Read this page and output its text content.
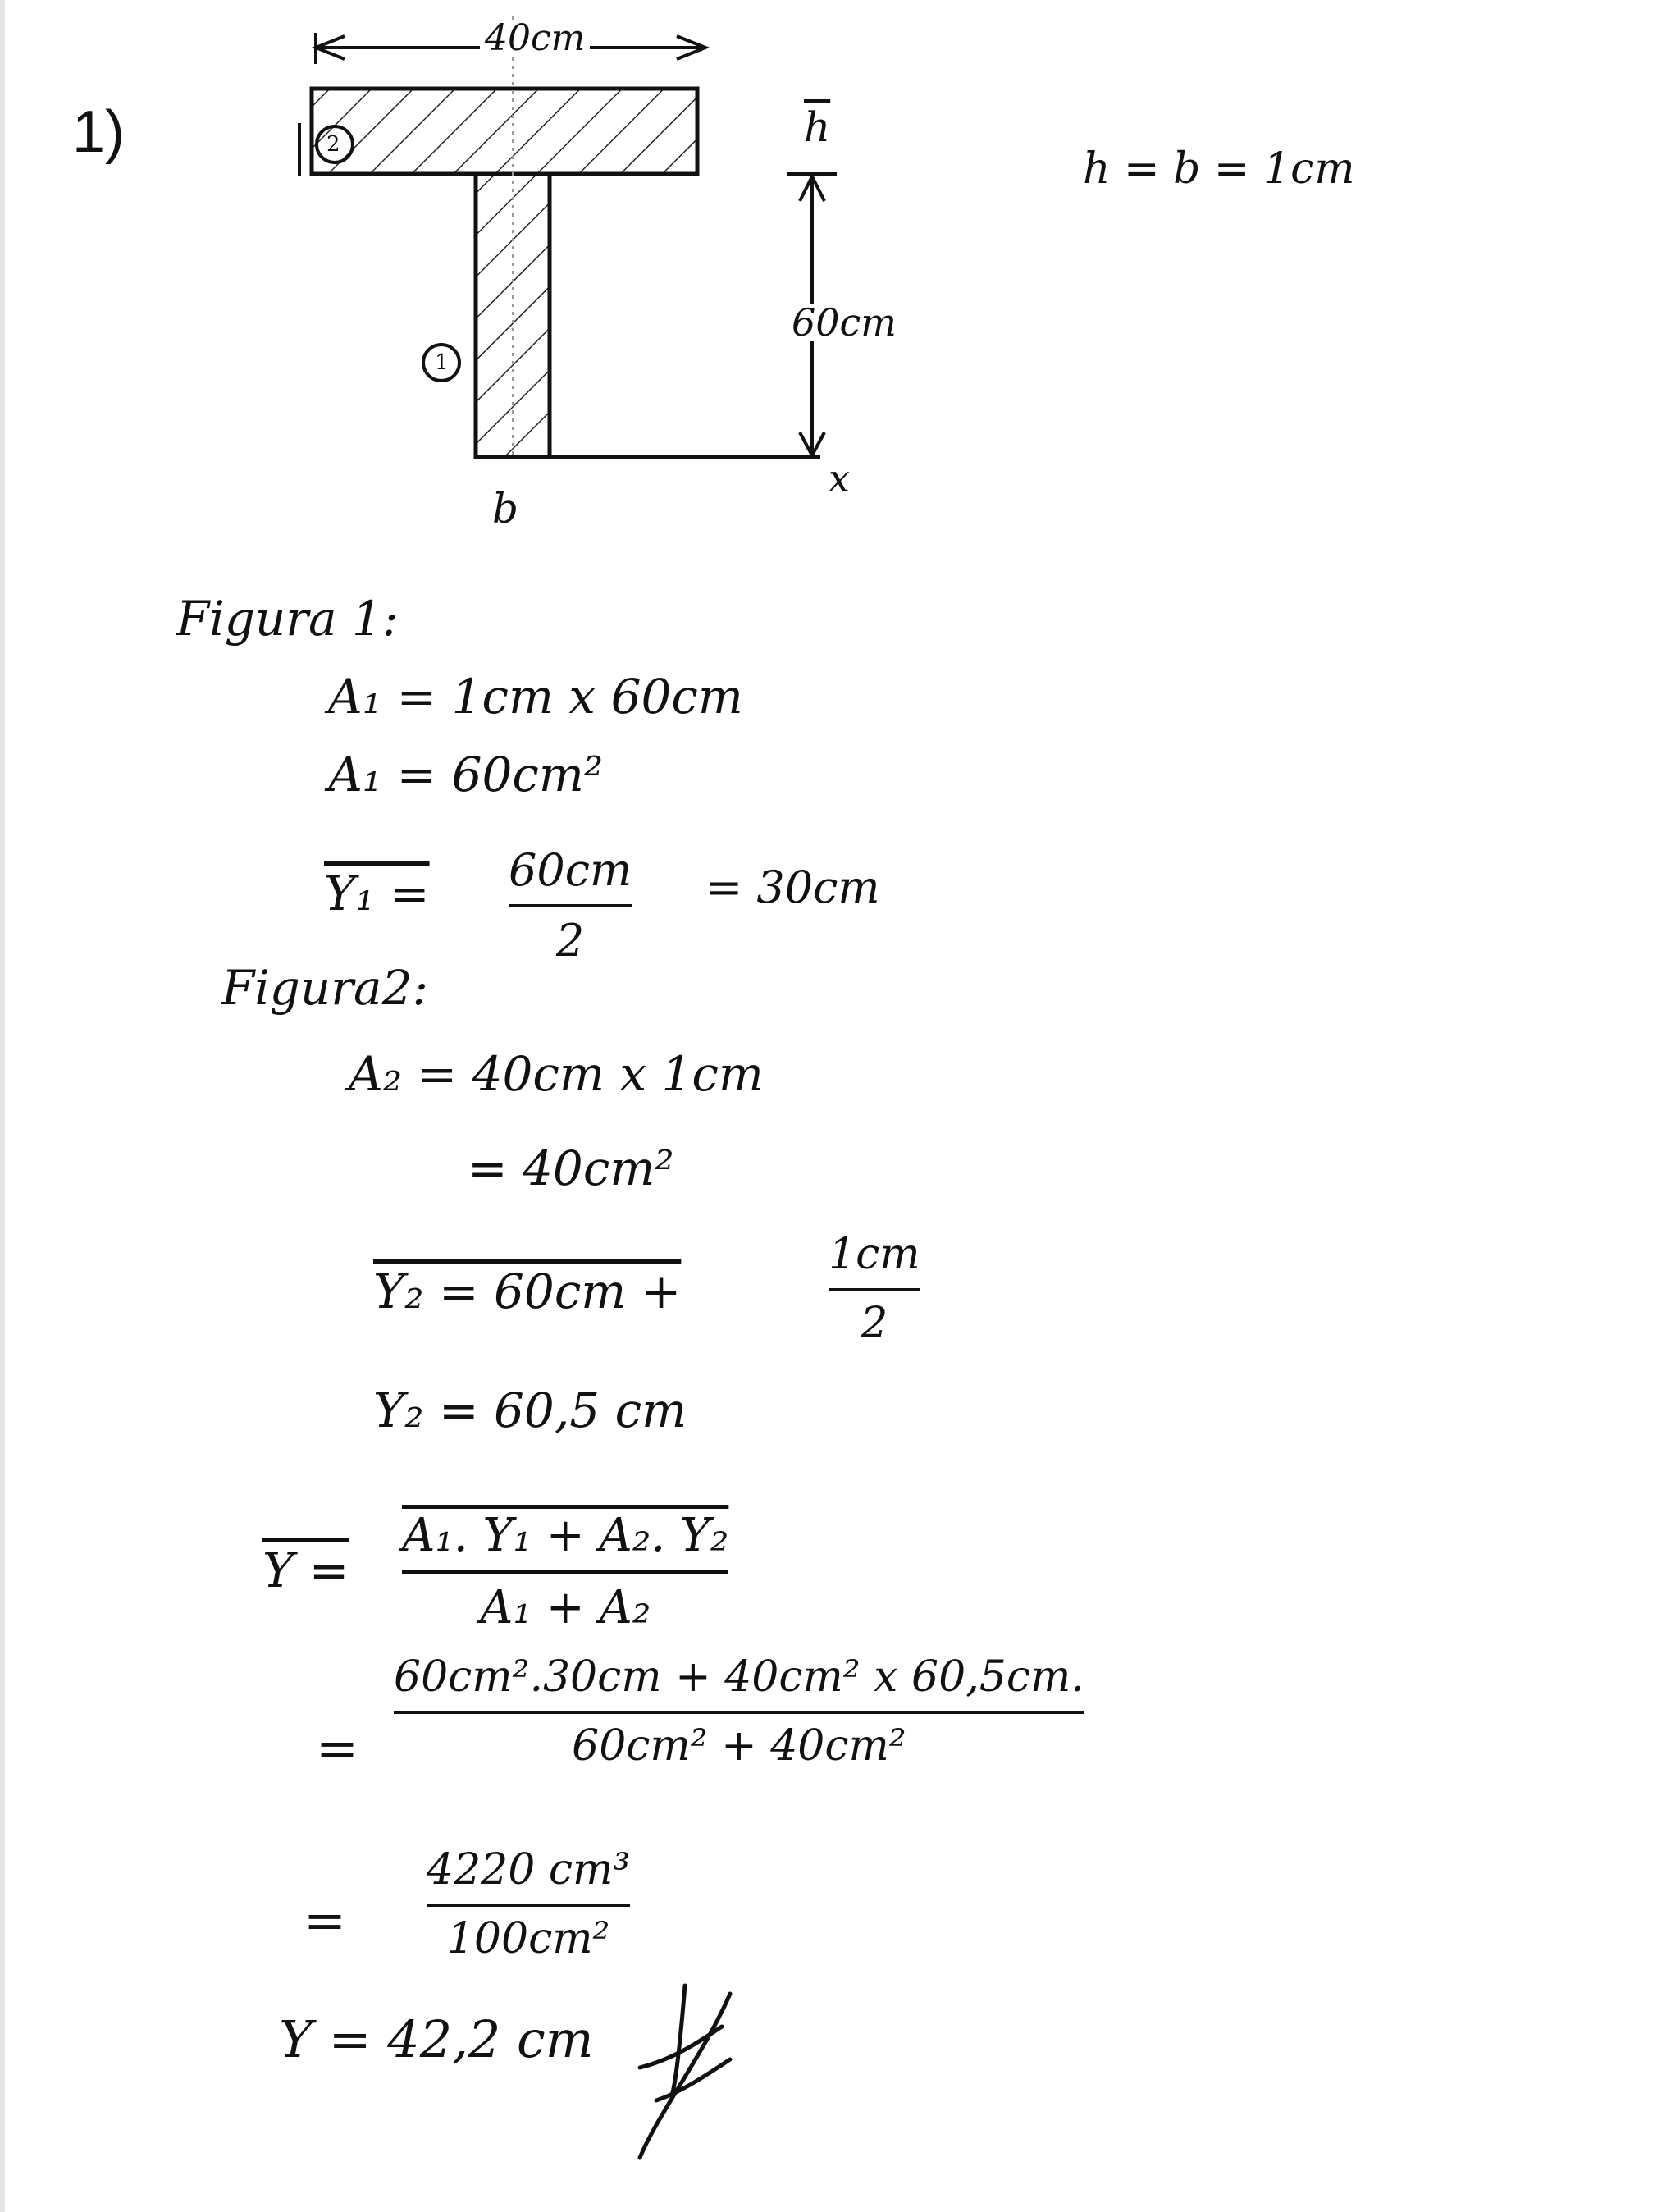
1)
40cm
$\overline{h}$
60cm
x
b
2
1
h = b = 1cm
Figura 1:
A₁ = 1cm x 60cm
A₁ = 60cm²
Y₁ = 60cm
2
= 30cm
Figura2:
A₂ = 40cm x 1cm
= 40cm²
Y₂ = 60cm +
1cm
2
Y₂ = 60,5 cm
Y =
A₁. Y₁ + A₂. Y₂
A₁ + A₂
=
60cm².30cm + 40cm² x 60,5cm.
60cm² + 40cm²
=
4220 cm³
100cm²
Y = 42,2 cm
